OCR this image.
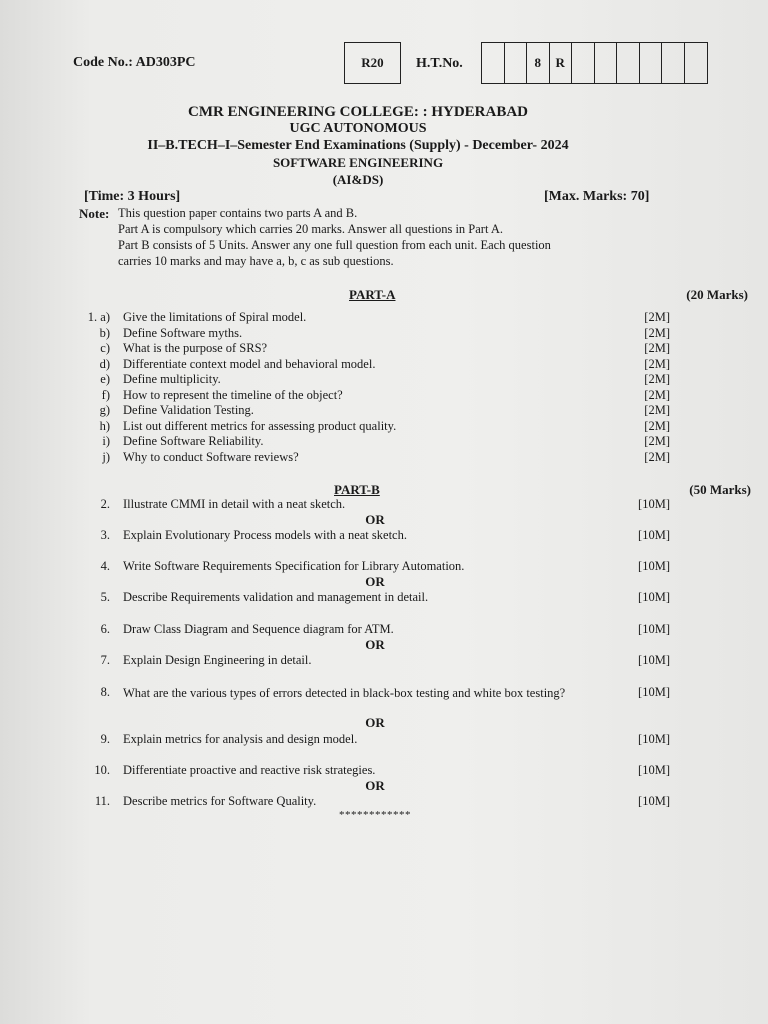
Code No.: AD303PC	R20	H.T.No.	8	R
CMR ENGINEERING COLLEGE: : HYDERABAD
UGC AUTONOMOUS
II–B.TECH–I–Semester End Examinations (Supply) - December- 2024
SOFTWARE ENGINEERING
(AI&DS)
[Time: 3 Hours]	[Max. Marks: 70]
Note: This question paper contains two parts A and B.
Part A is compulsory which carries 20 marks. Answer all questions in Part A.
Part B consists of 5 Units. Answer any one full question from each unit. Each question
carries 10 marks and may have a, b, c as sub questions.
PART-A	(20 Marks)
1. a) Give the limitations of Spiral model.	[2M]
b) Define Software myths.	[2M]
c) What is the purpose of SRS?	[2M]
d) Differentiate context model and behavioral model.	[2M]
e) Define multiplicity.	[2M]
f) How to represent the timeline of the object?	[2M]
g) Define Validation Testing.	[2M]
h) List out different metrics for assessing product quality.	[2M]
i) Define Software Reliability.	[2M]
j) Why to conduct Software reviews?	[2M]
PART-B	(50 Marks)
2. Illustrate CMMI in detail with a neat sketch.	[10M]
OR
3. Explain Evolutionary Process models with a neat sketch.	[10M]
4. Write Software Requirements Specification for Library Automation.	[10M]
OR
5. Describe Requirements validation and management in detail.	[10M]
6. Draw Class Diagram and Sequence diagram for ATM.	[10M]
OR
7. Explain Design Engineering in detail.	[10M]
8. What are the various types of errors detected in black-box testing and white box testing?	[10M]
OR
9. Explain metrics for analysis and design model.	[10M]
10. Differentiate proactive and reactive risk strategies.	[10M]
OR
11. Describe metrics for Software Quality.	[10M]
************
